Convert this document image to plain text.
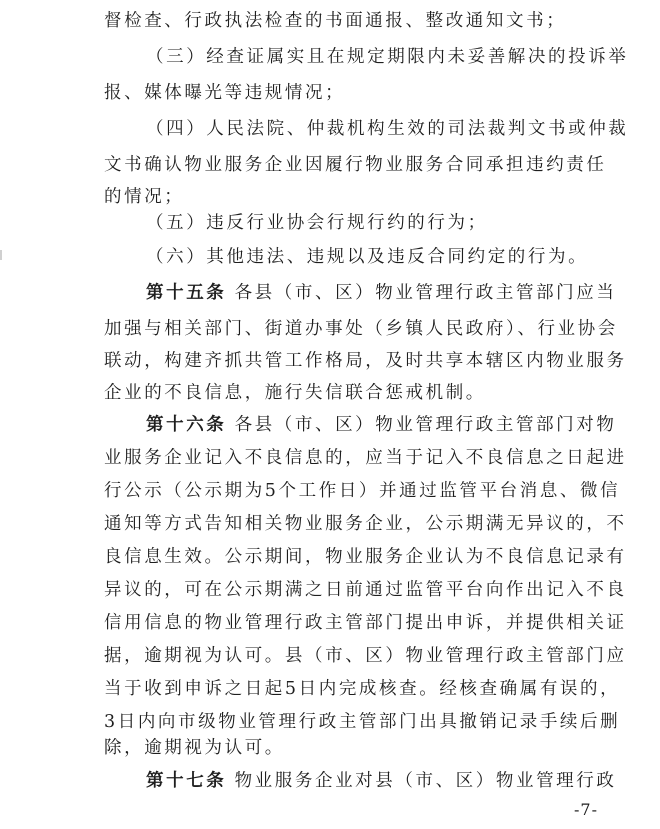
督检查、行政执法检查的书面通报、整改通知文书；
（三）经查证属实且在规定期限内未妥善解决的投诉举
报、媒体曝光等违规情况；
（四）人民法院、仲裁机构生效的司法裁判文书或仲裁
文书确认物业服务企业因履行物业服务合同承担违约责任
的情况；
（五）违反行业协会行规行约的行为；
（六）其他违法、违规以及违反合同约定的行为。
第十五条 各县（市、区）物业管理行政主管部门应当
加强与相关部门、街道办事处（乡镇人民政府）、行业协会
联动，构建齐抓共管工作格局，及时共享本辖区内物业服务
企业的不良信息，施行失信联合惩戒机制。
第十六条 各县（市、区）物业管理行政主管部门对物
业服务企业记入不良信息的，应当于记入不良信息之日起进
行公示（公示期为5个工作日）并通过监管平台消息、微信
通知等方式告知相关物业服务企业，公示期满无异议的，不
良信息生效。公示期间，物业服务企业认为不良信息记录有
异议的，可在公示期满之日前通过监管平台向作出记入不良
信用信息的物业管理行政主管部门提出申诉，并提供相关证
据，逾期视为认可。县（市、区）物业管理行政主管部门应
当于收到申诉之日起5日内完成核查。经核查确属有误的，
3日内向市级物业管理行政主管部门出具撤销记录手续后删
除，逾期视为认可。
第十七条 物业服务企业对县（市、区）物业管理行政
-7-
